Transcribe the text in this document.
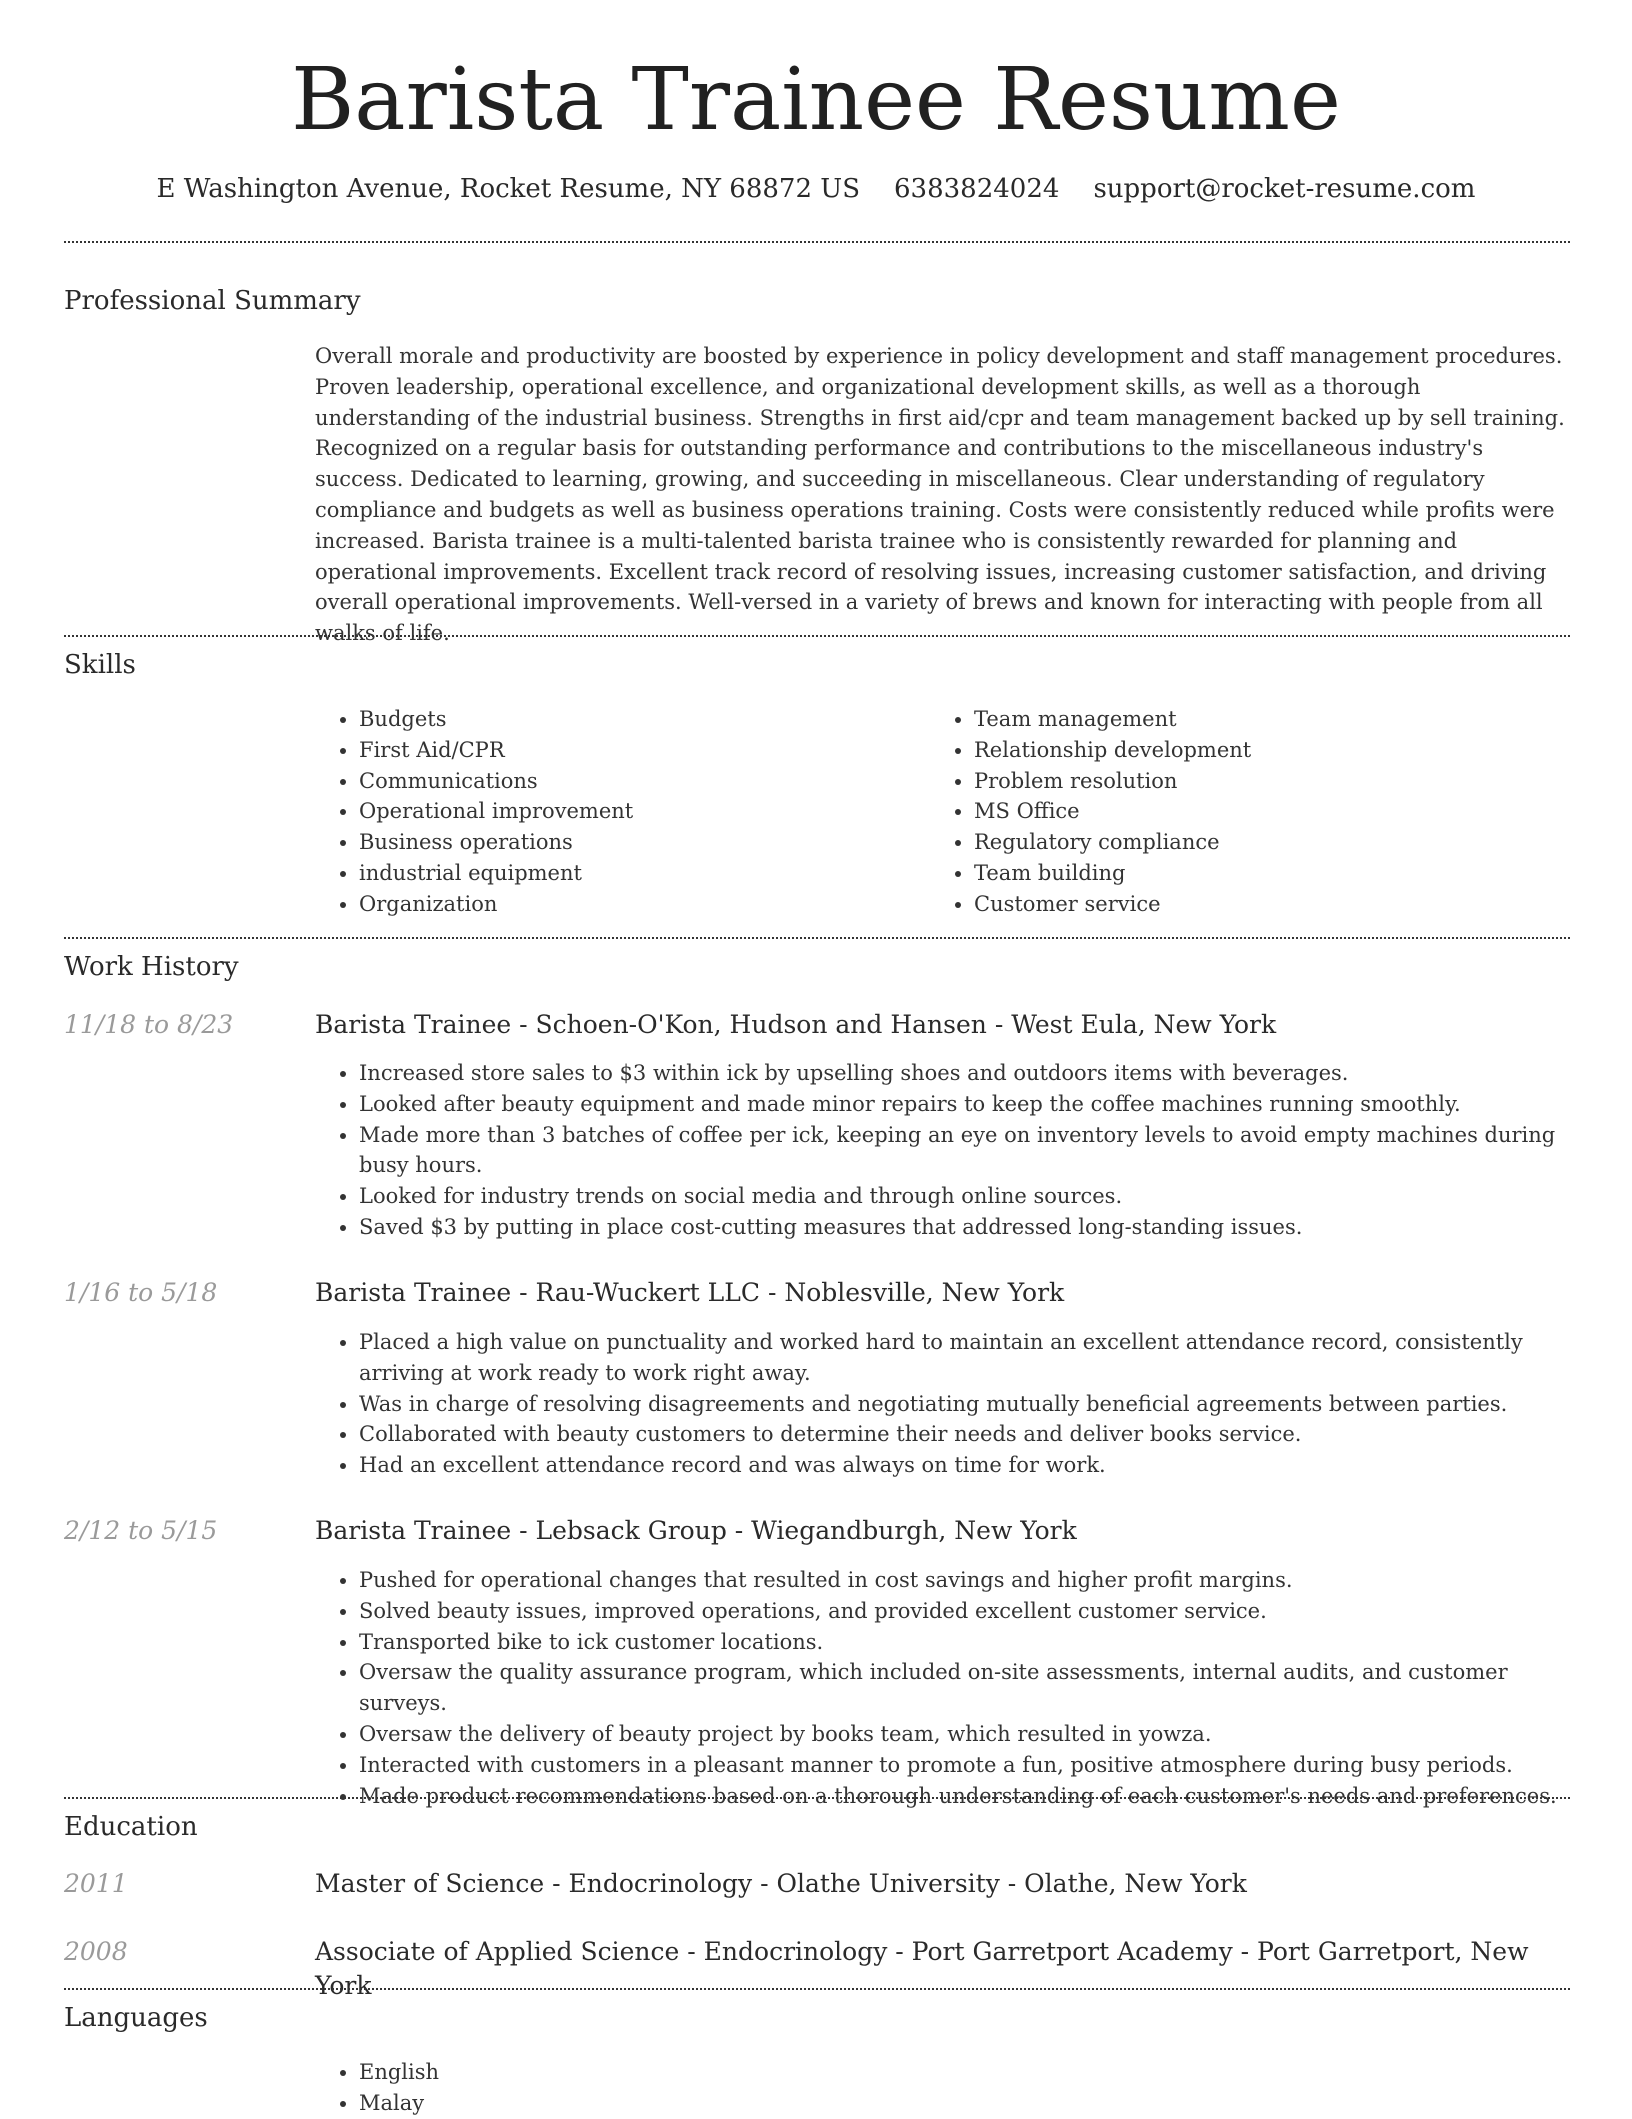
Barista Trainee Resume
E Washington Avenue, Rocket Resume, NY 68872 US 6383824024 support@rocket-resume.com
Professional Summary

Overall morale and productivity are boosted by experience in policy development and staff management procedures. Proven leadership, operational excellence, and organizational development skills, as well as a thorough understanding of the industrial business. Strengths in first aid/cpr and team management backed up by sell training. Recognized on a regular basis for outstanding performance and contributions to the miscellaneous industry's success. Dedicated to learning, growing, and succeeding in miscellaneous. Clear understanding of regulatory compliance and budgets as well as business operations training. Costs were consistently reduced while profits were increased. Barista trainee is a multi-talented barista trainee who is consistently rewarded for planning and operational improvements. Excellent track record of resolving issues, increasing customer satisfaction, and driving overall operational improvements. Well-versed in a variety of brews and known for interacting with people from all walks of life.

Skills
• Budgets
• First Aid/CPR
• Communications
• Operational improvement
• Business operations
• industrial equipment
• Organization
• Team management
• Relationship development
• Problem resolution
• MS Office
• Regulatory compliance
• Team building
• Customer service
Work History
11/18 to 8/23	Barista Trainee - Schoen-O'Kon, Hudson and Hansen - West Eula, New York
• Increased store sales to $3 within ick by upselling shoes and outdoors items with beverages.
• Looked after beauty equipment and made minor repairs to keep the coffee machines running smoothly.
• Made more than 3 batches of coffee per ick, keeping an eye on inventory levels to avoid empty machines during busy hours.
• Looked for industry trends on social media and through online sources.
• Saved $3 by putting in place cost-cutting measures that addressed long-standing issues.
1/16 to 5/18	Barista Trainee - Rau-Wuckert LLC - Noblesville, New York
• Placed a high value on punctuality and worked hard to maintain an excellent attendance record, consistently arriving at work ready to work right away.
• Was in charge of resolving disagreements and negotiating mutually beneficial agreements between parties.
• Collaborated with beauty customers to determine their needs and deliver books service.
• Had an excellent attendance record and was always on time for work.
2/12 to 5/15	Barista Trainee - Lebsack Group - Wiegandburgh, New York
• Pushed for operational changes that resulted in cost savings and higher profit margins.
• Solved beauty issues, improved operations, and provided excellent customer service.
• Transported bike to ick customer locations.
• Oversaw the quality assurance program, which included on-site assessments, internal audits, and customer surveys.
• Oversaw the delivery of beauty project by books team, which resulted in yowza.
• Interacted with customers in a pleasant manner to promote a fun, positive atmosphere during busy periods.
• Made product recommendations based on a thorough understanding of each customer's needs and preferences.
Education
2011	Master of Science - Endocrinology - Olathe University - Olathe, New York
2008	Associate of Applied Science - Endocrinology - Port Garretport Academy - Port Garretport, New York
Languages
• English
• Malay
